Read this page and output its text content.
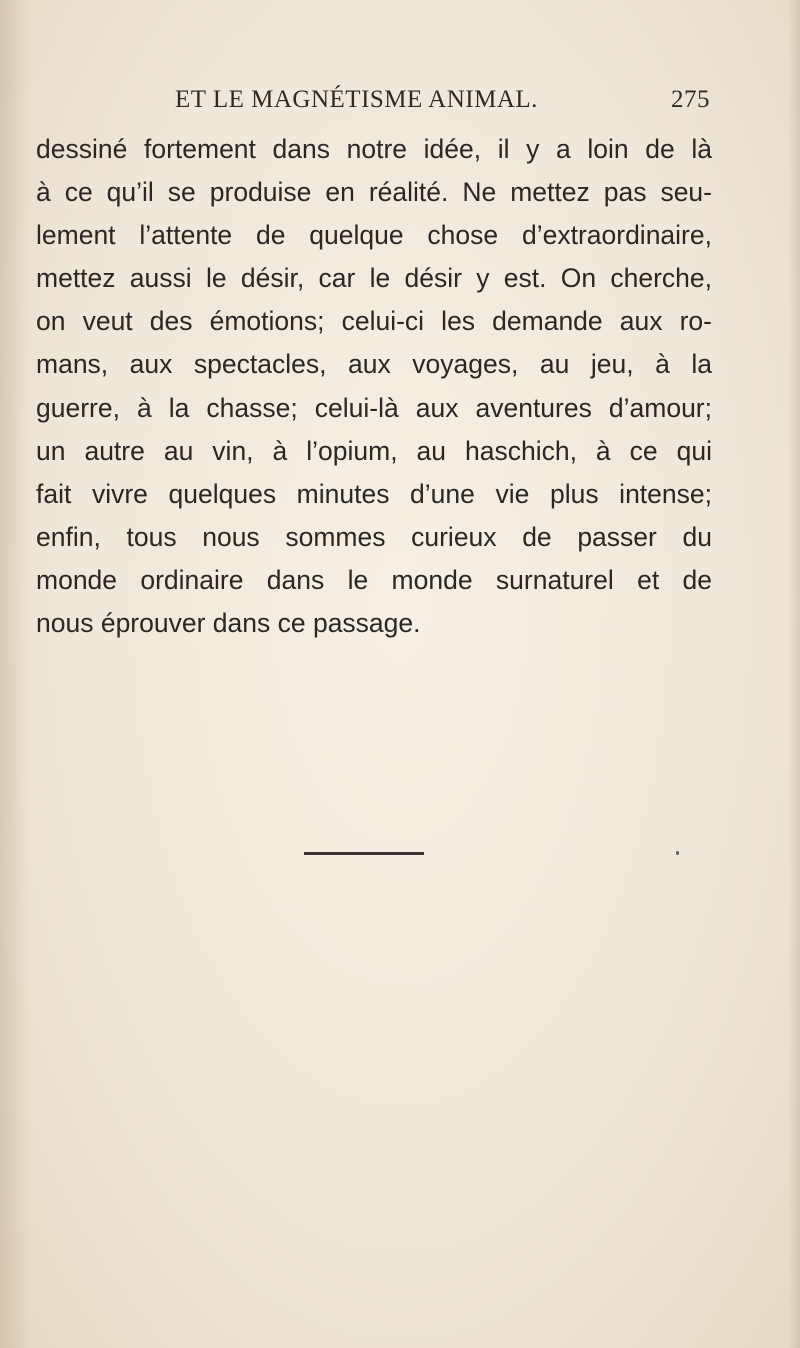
ET LE MAGNÉTISME ANIMAL.	275
dessiné fortement dans notre idée, il y a loin de là
à ce qu’il se produise en réalité. Ne mettez pas seu-
lement l’attente de quelque chose d’extraordinaire,
mettez aussi le désir, car le désir y est. On cherche,
on veut des émotions; celui-ci les demande aux ro-
mans, aux spectacles, aux voyages, au jeu, à la
guerre, à la chasse; celui-là aux aventures d’amour;
un autre au vin, à l’opium, au haschich, à ce qui
fait vivre quelques minutes d’une vie plus intense;
enfin, tous nous sommes curieux de passer du
monde ordinaire dans le monde surnaturel et de
nous éprouver dans ce passage.
